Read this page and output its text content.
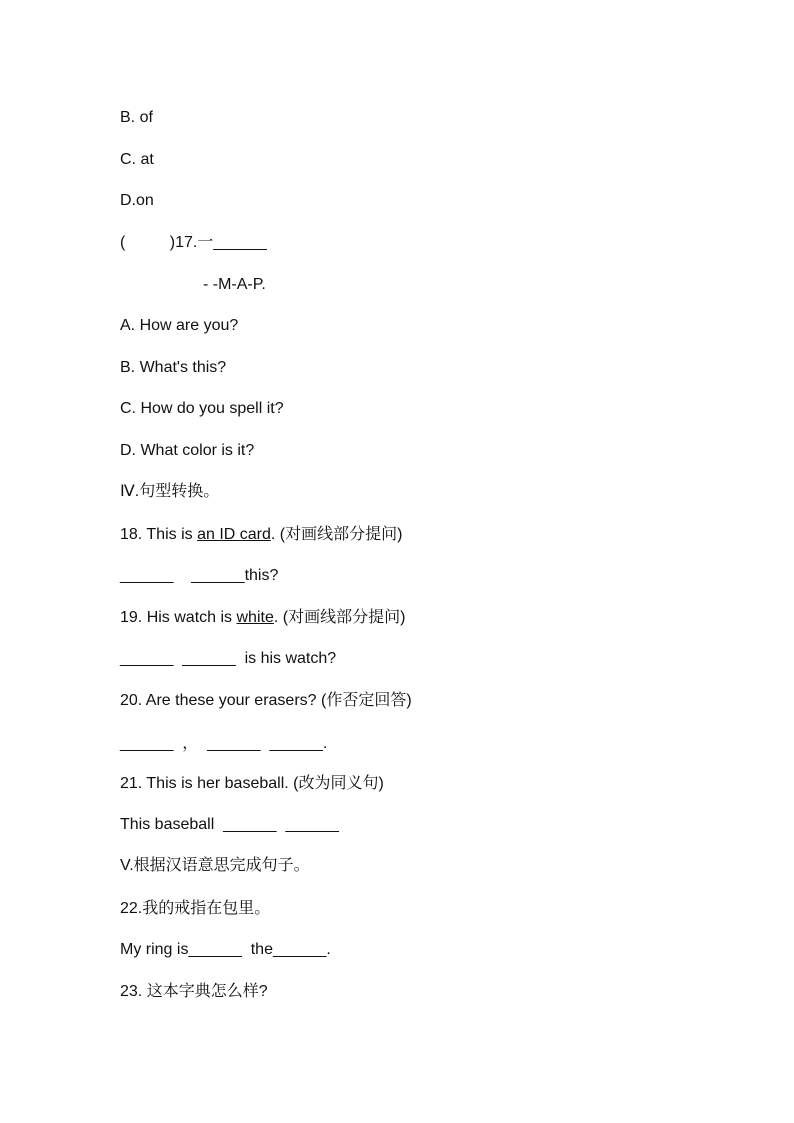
B. of
C. at
D.on
(          )17.一______
- -M-A-P.
A. How are you?
B. What's this?
C. How do you spell it?
D. What color is it?
Ⅳ.句型转换。
18. This is an ID card. (对画线部分提问)
______    ______this?
19. His watch is white. (对画线部分提问)
______  ______  is his watch?
20. Are these your erasers? (作否定回答)
______  ，  ______  ______.
21. This is her baseball. (改为同义句)
This baseball  ______  ______
V.根据汉语意思完成句子。
22.我的戒指在包里。
My ring is______  the______.
23. 这本字典怎么样?
